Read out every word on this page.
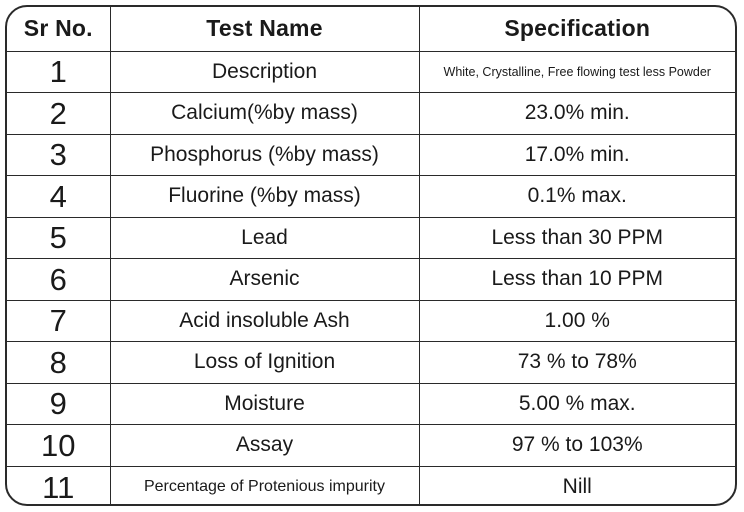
Sr No.	Test Name	Specification
1	Description	White, Crystalline, Free flowing test less Powder
2	Calcium(%by mass)	23.0% min.
3	Phosphorus (%by mass)	17.0% min.
4	Fluorine (%by mass)	0.1% max.
5	Lead	Less than 30 PPM
6	Arsenic	Less than 10 PPM
7	Acid insoluble Ash	1.00 %
8	Loss of Ignition	73 % to 78%
9	Moisture	5.00 % max.
10	Assay	97 % to 103%
11	Percentage of Protenious impurity	Nill
